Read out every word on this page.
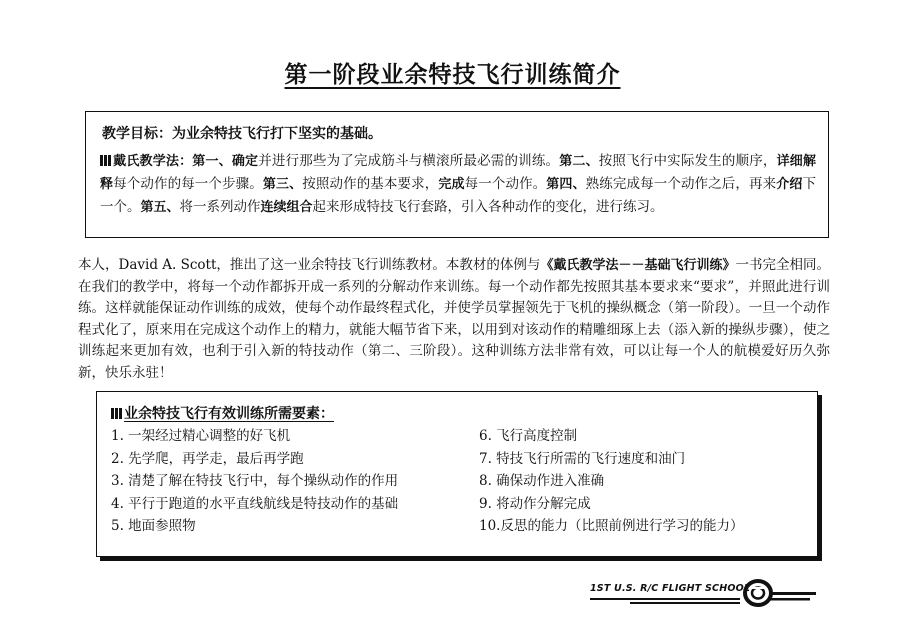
第一阶段业余特技飞行训练简介
教学目标：为业余特技飞行打下坚实的基础。
戴氏教学法：第一、确定并进行那些为了完成筋斗与横滚所最必需的训练。第二、按照飞行中实际发生的顺序，详细解释每个动作的每一个步骤。第三、按照动作的基本要求，完成每一个动作。第四、熟练完成每一个动作之后，再来介绍下一个。第五、将一系列动作连续组合起来形成特技飞行套路，引入各种动作的变化，进行练习。
本人，David A. Scott，推出了这一业余特技飞行训练教材。本教材的体例与《戴氏教学法－－基础飞行训练》一书完全相同。在我们的教学中，将每一个动作都拆开成一系列的分解动作来训练。每一个动作都先按照其基本要求来“要求”，并照此进行训练。这样就能保证动作训练的成效，使每个动作最终程式化，并使学员掌握领先于飞机的操纵概念（第一阶段）。一旦一个动作程式化了，原来用在完成这个动作上的精力，就能大幅节省下来，以用到对该动作的精雕细琢上去（添入新的操纵步骤），使之训练起来更加有效，也利于引入新的特技动作（第二、三阶段）。这种训练方法非常有效，可以让每一个人的航模爱好历久弥新，快乐永驻！
业余特技飞行有效训练所需要素：
1. 一架经过精心调整的好飞机
2. 先学爬，再学走，最后再学跑
3. 清楚了解在特技飞行中，每个操纵动作的作用
4. 平行于跑道的水平直线航线是特技动作的基础
5. 地面参照物
6. 飞行高度控制
7. 特技飞行所需的飞行速度和油门
8. 确保动作进入准确
9. 将动作分解完成
10.反思的能力（比照前例进行学习的能力）
1ST U.S. R/C FLIGHT SCHOOL
